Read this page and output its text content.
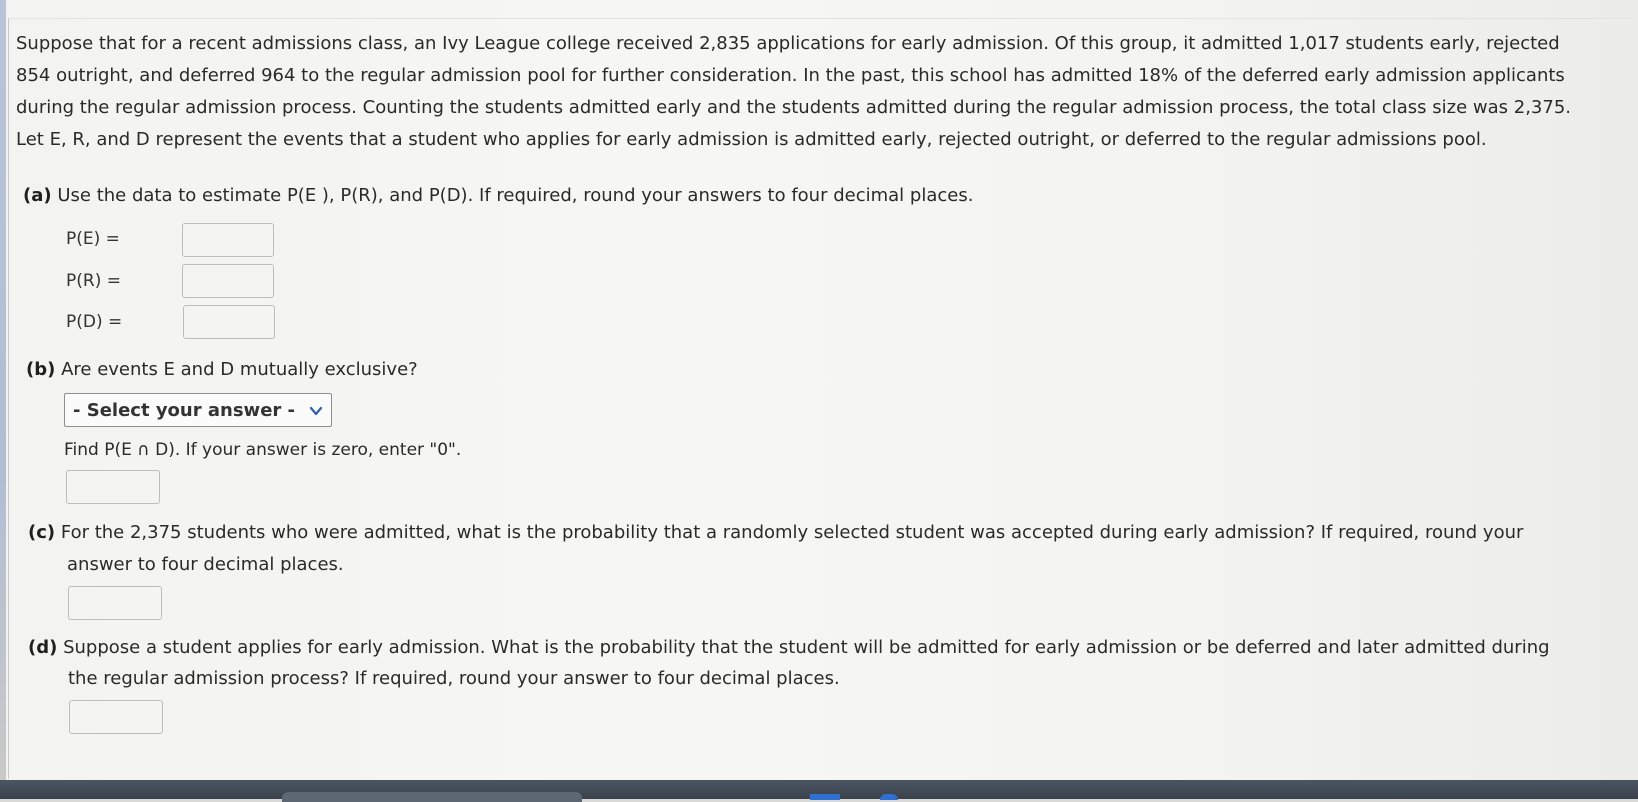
Suppose that for a recent admissions class, an Ivy League college received 2,835 applications for early admission. Of this group, it admitted 1,017 students early, rejected
854 outright, and deferred 964 to the regular admission pool for further consideration. In the past, this school has admitted 18% of the deferred early admission applicants
during the regular admission process. Counting the students admitted early and the students admitted during the regular admission process, the total class size was 2,375.
Let E, R, and D represent the events that a student who applies for early admission is admitted early, rejected outright, or deferred to the regular admissions pool.
(a) Use the data to estimate P(E ), P(R), and P(D). If required, round your answers to four decimal places.
P(E) =
P(R) =
P(D) =
(b) Are events E and D mutually exclusive?
- Select your answer -
Find P(E ∩ D). If your answer is zero, enter "0".
(c) For the 2,375 students who were admitted, what is the probability that a randomly selected student was accepted during early admission? If required, round your
answer to four decimal places.
(d) Suppose a student applies for early admission. What is the probability that the student will be admitted for early admission or be deferred and later admitted during
the regular admission process? If required, round your answer to four decimal places.
